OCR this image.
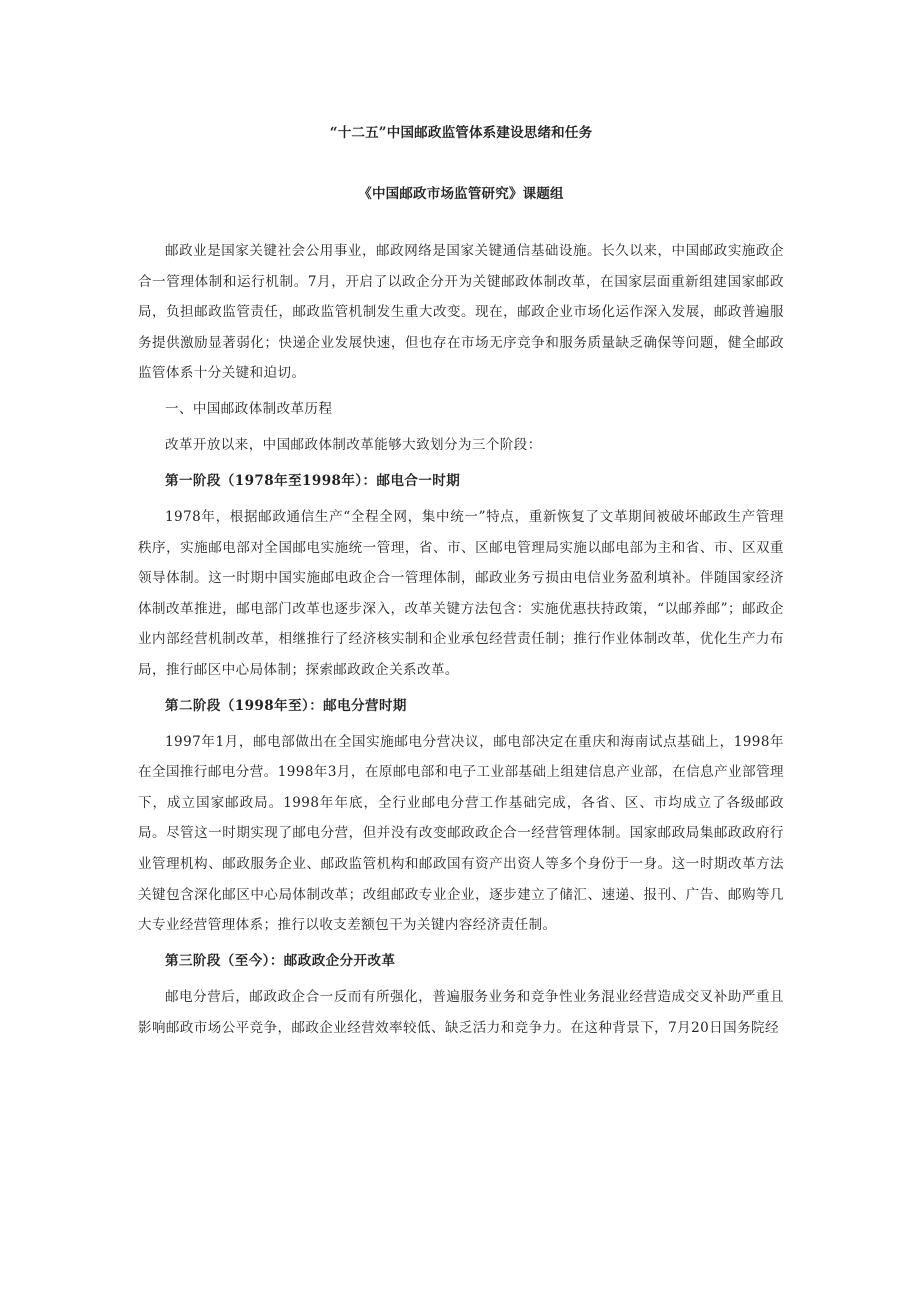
“十二五”中国邮政监管体系建设思绪和任务
《中国邮政市场监管研究》课题组

邮政业是国家关键社会公用事业，邮政网络是国家关键通信基础设施。长久以来，中国邮政实施政企合一管理体制和运行机制。7月，开启了以政企分开为关键邮政体制改革，在国家层面重新组建国家邮政局，负担邮政监管责任，邮政监管机制发生重大改变。现在，邮政企业市场化运作深入发展，邮政普遍服务提供激励显著弱化；快递企业发展快速，但也存在市场无序竞争和服务质量缺乏确保等问题，健全邮政监管体系十分关键和迫切。

一、中国邮政体制改革历程

改革开放以来，中国邮政体制改革能够大致划分为三个阶段：

第一阶段（1978年至1998年）：邮电合一时期

1978年，根据邮政通信生产“全程全网，集中统一”特点，重新恢复了文革期间被破坏邮政生产管理秩序，实施邮电部对全国邮电实施统一管理，省、市、区邮电管理局实施以邮电部为主和省、市、区双重领导体制。这一时期中国实施邮电政企合一管理体制，邮政业务亏损由电信业务盈利填补。伴随国家经济体制改革推进，邮电部门改革也逐步深入，改革关键方法包含：实施优惠扶持政策，“以邮养邮”；邮政企业内部经营机制改革，相继推行了经济核实制和企业承包经营责任制；推行作业体制改革，优化生产力布局，推行邮区中心局体制；探索邮政政企关系改革。

第二阶段（1998年至）：邮电分营时期

1997年1月，邮电部做出在全国实施邮电分营决议，邮电部决定在重庆和海南试点基础上，1998年在全国推行邮电分营。1998年3月，在原邮电部和电子工业部基础上组建信息产业部，在信息产业部管理下，成立国家邮政局。1998年年底，全行业邮电分营工作基础完成，各省、区、市均成立了各级邮政局。尽管这一时期实现了邮电分营，但并没有改变邮政政企合一经营管理体制。国家邮政局集邮政政府行业管理机构、邮政服务企业、邮政监管机构和邮政国有资产出资人等多个身份于一身。这一时期改革方法关键包含深化邮区中心局体制改革；改组邮政专业企业，逐步建立了储汇、速递、报刊、广告、邮购等几大专业经营管理体系；推行以收支差额包干为关键内容经济责任制。

第三阶段（至今）：邮政政企分开改革

邮电分营后，邮政政企合一反而有所强化，普遍服务业务和竞争性业务混业经营造成交叉补助严重且影响邮政市场公平竞争，邮政企业经营效率较低、缺乏活力和竞争力。在这种背景下，7月20日国务院经
